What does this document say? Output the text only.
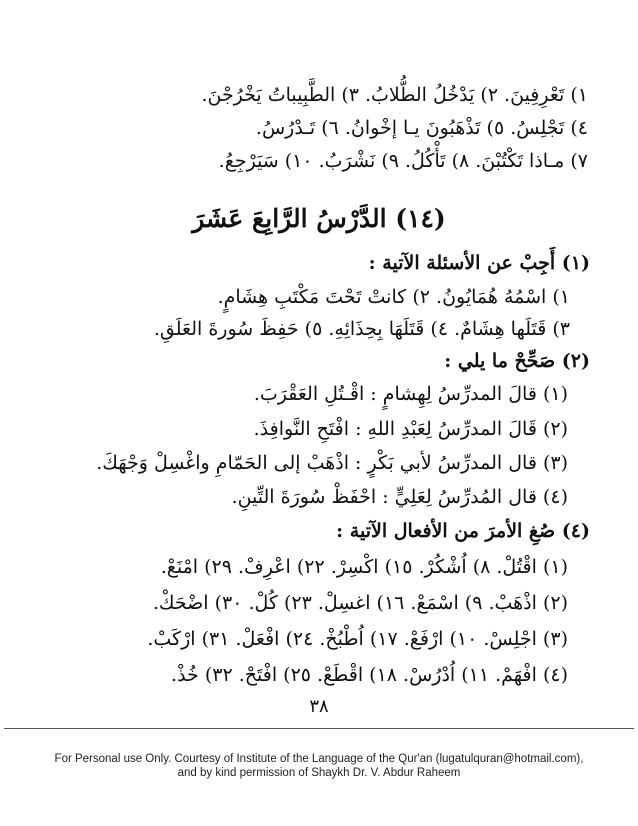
١) تَعْرِفِينَ. ٢) يَدْخُلُ الطُّلابُ. ٣) الطَّبِيباتُ يَخْرُجْنَ.
٤) تَجْلِسُ. ٥) تَذْهَبُونَ يـا إخْوانُ. ٦) تَـدْرُسُ.
٧) مـاذا تَكْتُبْنَ. ٨) تَأْكُلُ. ٩) نَشْرَبُ. ١٠) سَيَرْجِعُ.
(١٤) الدَّرْسُ الرَّابِعَ عَشَرَ
(١) أَجِبْ عن الأسئلة الآتية :
١) اسْمُهُ هُمَايُونُ. ٢) كانتْ تَحْتَ مَكْتَبِ هِشَامٍ.
٣) قَتَلَها هِشَامٌ. ٤) قَتَلَهَا بِحِذَائِهِ. ٥) حَفِظَ سُورةَ العَلَقِ.
(٢) صَحِّحْ ما يلي :
(١) قالَ المدرِّسُ لِهِشامٍ : اقْـتُلِ العَقْرَبَ.
(٢) قَالَ المدرِّسُ لِعَبْدِ اللهِ : افْتَحِ النَّوافِذَ.
(٣) قال المدرِّسُ لأبي بَكْرٍ : اذْهَبْ إلى الحَمّامِ واغْسِلْ وَجْهَكَ.
(٤) قال المُدرِّسُ لِعَلِيٍّ : احْفَظْ سُورَةَ التِّينِ.
(٤) صُغِ الأمرَ من الأفعال الآتية :
(١) اقْتُلْ. ٨) اُشْكُرْ. ١٥) اكْسِرْ. ٢٢) اعْرِفْ. ٢٩) امْنَعْ.
(٢) اذْهَبْ. ٩) اسْمَعْ. ١٦) اغسِلْ. ٢٣) كُلْ. ٣٠) اضْحَكْ.
(٣) اجْلِسْ. ١٠) ارْفَعْ. ١٧) اُطْبُخْ. ٢٤) افْعَلْ. ٣١) ارْكَبْ.
(٤) افْهَمْ. ١١) اُدْرُسْ. ١٨) اقْطَعْ. ٢٥) افْتَحْ. ٣٢) خُذْ.
٣٨
For Personal use Only. Courtesy of Institute of the Language of the Qur'an (lugatulquran@hotmail.com),
and by kind permission of Shaykh Dr. V. Abdur Raheem
